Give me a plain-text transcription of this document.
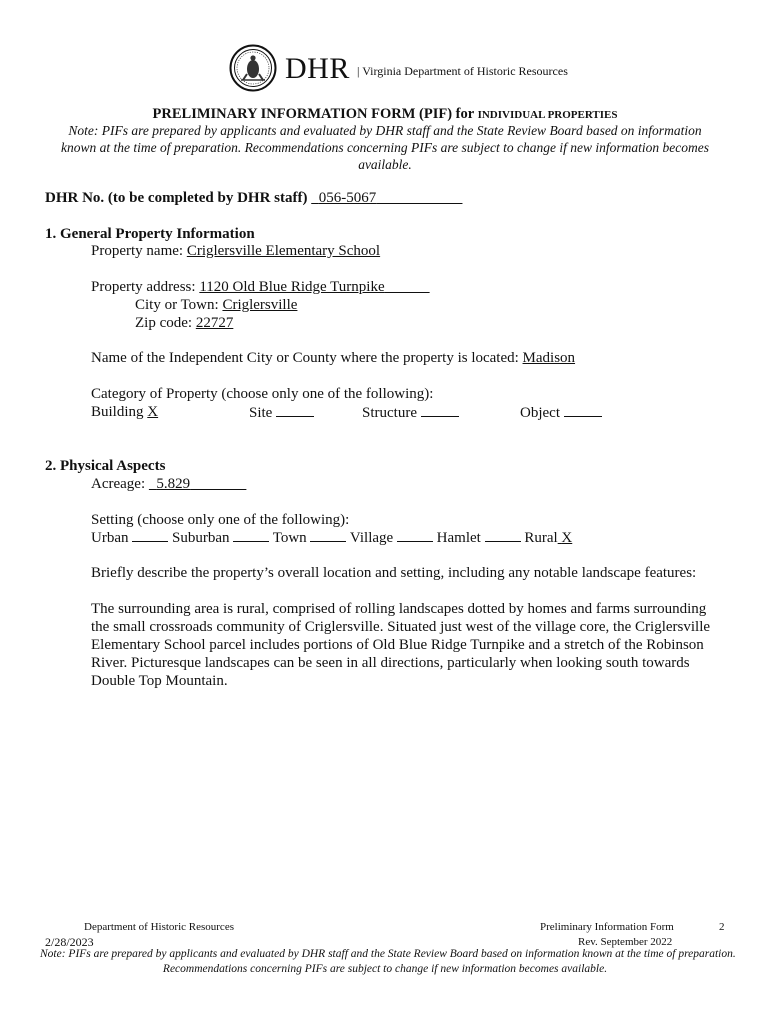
DHR | Virginia Department of Historic Resources
PRELIMINARY INFORMATION FORM (PIF) for INDIVIDUAL PROPERTIES
Note: PIFs are prepared by applicants and evaluated by DHR staff and the State Review Board based on information
known at the time of preparation. Recommendations concerning PIFs are subject to change if new information becomes
available.
DHR No. (to be completed by DHR staff) 056-5067
1. General Property Information
Property name: Criglersville Elementary School
Property address: 1120 Old Blue Ridge Turnpike
City or Town: Criglersville
Zip code: 22727
Name of the Independent City or County where the property is located: Madison
Category of Property (choose only one of the following):
Building X	Site	Structure	Object
2. Physical Aspects
Acreage: 5.829
Setting (choose only one of the following):
Urban	Suburban	Town	Village	Hamlet	Rural X
Briefly describe the property’s overall location and setting, including any notable landscape features:
The surrounding area is rural, comprised of rolling landscapes dotted by homes and farms surrounding the small crossroads community of Criglersville. Situated just west of the village core, the Criglersville Elementary School parcel includes portions of Old Blue Ridge Turnpike and a stretch of the Robinson River. Picturesque landscapes can be seen in all directions, particularly when looking south towards Double Top Mountain.
Department of Historic Resources
2/28/2023
Preliminary Information Form	2
Rev. September 2022
Note: PIFs are prepared by applicants and evaluated by DHR staff and the State Review Board based on information known at the time of preparation.
Recommendations concerning PIFs are subject to change if new information becomes available.
